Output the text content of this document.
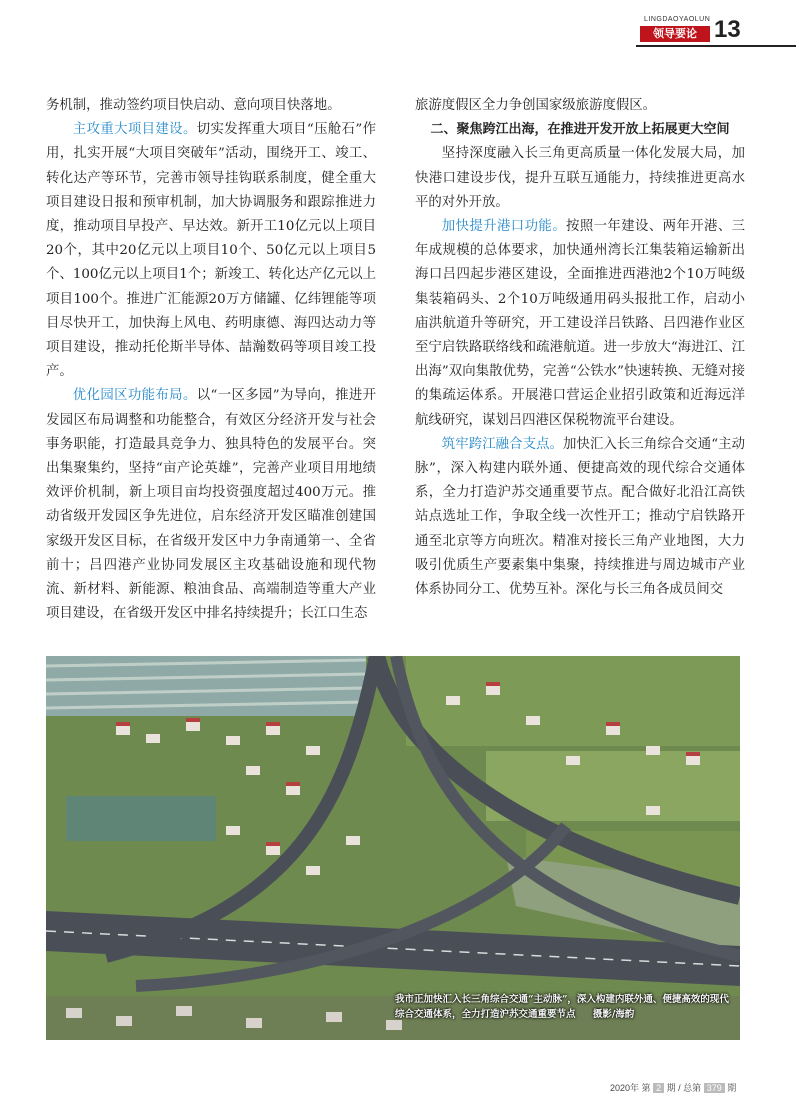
LINGDAOYAOLUN
领导要论 13

务机制，推动签约项目快启动、意向项目快落地。

主攻重大项目建设。切实发挥重大项目“压舱石”作用，扎实开展“大项目突破年”活动，围绕开工、竣工、转化达产等环节，完善市领导挂钩联系制度，健全重大项目建设日报和预审机制，加大协调服务和跟踪推进力度，推动项目早投产、早达效。新开工10亿元以上项目20个，其中20亿元以上项目10个、50亿元以上项目5个、100亿元以上项目1个；新竣工、转化达产亿元以上项目100个。推进广汇能源20万方储罐、亿纬锂能等项目尽快开工，加快海上风电、药明康德、海四达动力等项目建设，推动托伦斯半导体、喆瀚数码等项目竣工投产。

优化园区功能布局。以“一区多园”为导向，推进开发园区布局调整和功能整合，有效区分经济开发与社会事务职能，打造最具竞争力、独具特色的发展平台。突出集聚集约，坚持“亩产论英雄”，完善产业项目用地绩效评价机制，新上项目亩均投资强度超过400万元。推动省级开发园区争先进位，启东经济开发区瞄准创建国家级开发区目标，在省级开发区中力争南通第一、全省前十；吕四港产业协同发展区主攻基础设施和现代物流、新材料、新能源、粮油食品、高端制造等重大产业项目建设，在省级开发区中排名持续提升；长江口生态

旅游度假区全力争创国家级旅游度假区。

二、聚焦跨江出海，在推进开发开放上拓展更大空间

坚持深度融入长三角更高质量一体化发展大局，加快港口建设步伐，提升互联互通能力，持续推进更高水平的对外开放。

加快提升港口功能。按照一年建设、两年开港、三年成规模的总体要求，加快通州湾长江集装箱运输新出海口吕四起步港区建设，全面推进西港池2个10万吨级集装箱码头、2个10万吨级通用码头报批工作，启动小庙洪航道升等研究，开工建设洋吕铁路、吕四港作业区至宁启铁路联络线和疏港航道。进一步放大“海进江、江出海”双向集散优势，完善“公铁水”快速转换、无缝对接的集疏运体系。开展港口营运企业招引政策和近海远洋航线研究，谋划吕四港区保税物流平台建设。

筑牢跨江融合支点。加快汇入长三角综合交通“主动脉”，深入构建内联外通、便捷高效的现代综合交通体系，全力打造沪苏交通重要节点。配合做好北沿江高铁站点选址工作，争取全线一次性开工；推动宁启铁路开通至北京等方向班次。精准对接长三角产业地图，大力吸引优质生产要素集中集聚，持续推进与周边城市产业体系协同分工、优势互补。深化与长三角各成员间交

我市正加快汇入长三角综合交通“主动脉”，深入构建内联外通、便捷高效的现代综合交通体系，全力打造沪苏交通重要节点 摄影/海韵
2020年 第 2 期 / 总第 379 期
